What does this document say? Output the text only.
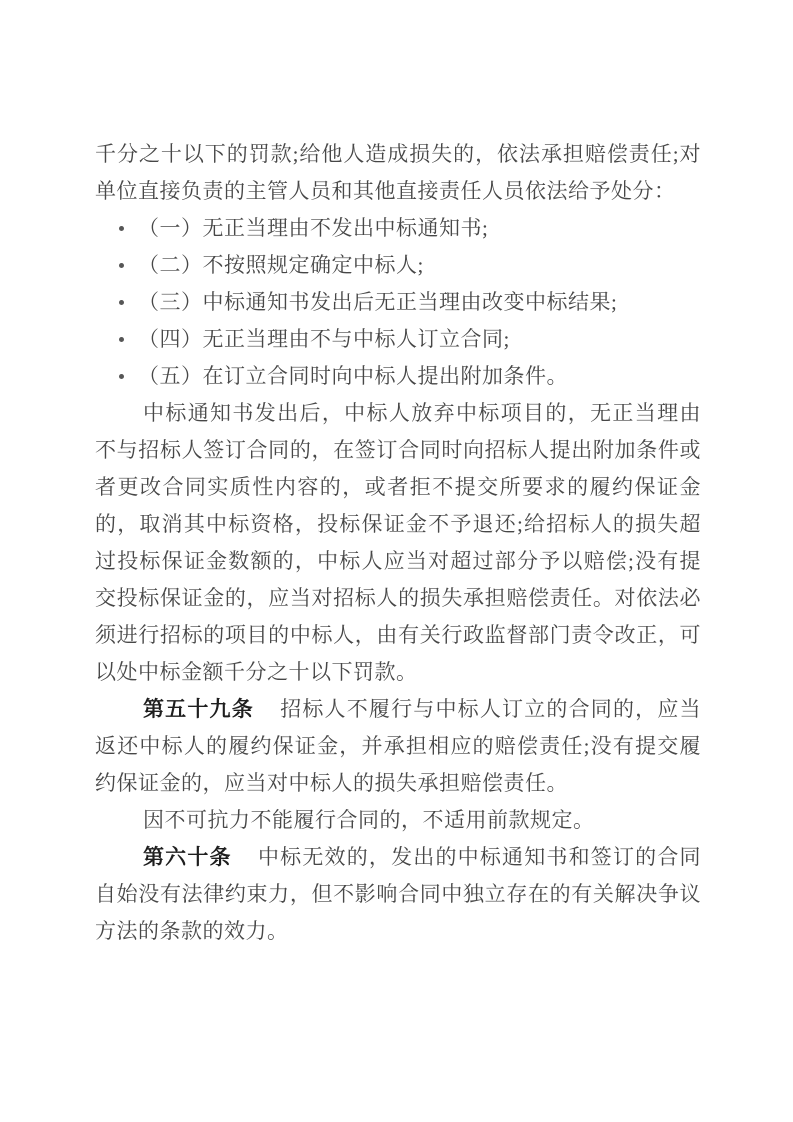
千分之十以下的罚款;给他人造成损失的，依法承担赔偿责任;对单位直接负责的主管人员和其他直接责任人员依法给予处分：

（一）无正当理由不发出中标通知书;
（二）不按照规定确定中标人;
（三）中标通知书发出后无正当理由改变中标结果;
（四）无正当理由不与中标人订立合同;
（五）在订立合同时向中标人提出附加条件。

中标通知书发出后，中标人放弃中标项目的，无正当理由不与招标人签订合同的，在签订合同时向招标人提出附加条件或者更改合同实质性内容的，或者拒不提交所要求的履约保证金的，取消其中标资格，投标保证金不予退还;给招标人的损失超过投标保证金数额的，中标人应当对超过部分予以赔偿;没有提交投标保证金的，应当对招标人的损失承担赔偿责任。对依法必须进行招标的项目的中标人，由有关行政监督部门责令改正，可以处中标金额千分之十以下罚款。

第五十九条 招标人不履行与中标人订立的合同的，应当返还中标人的履约保证金，并承担相应的赔偿责任;没有提交履约保证金的，应当对中标人的损失承担赔偿责任。

因不可抗力不能履行合同的，不适用前款规定。

第六十条 中标无效的，发出的中标通知书和签订的合同自始没有法律约束力，但不影响合同中独立存在的有关解决争议方法的条款的效力。
